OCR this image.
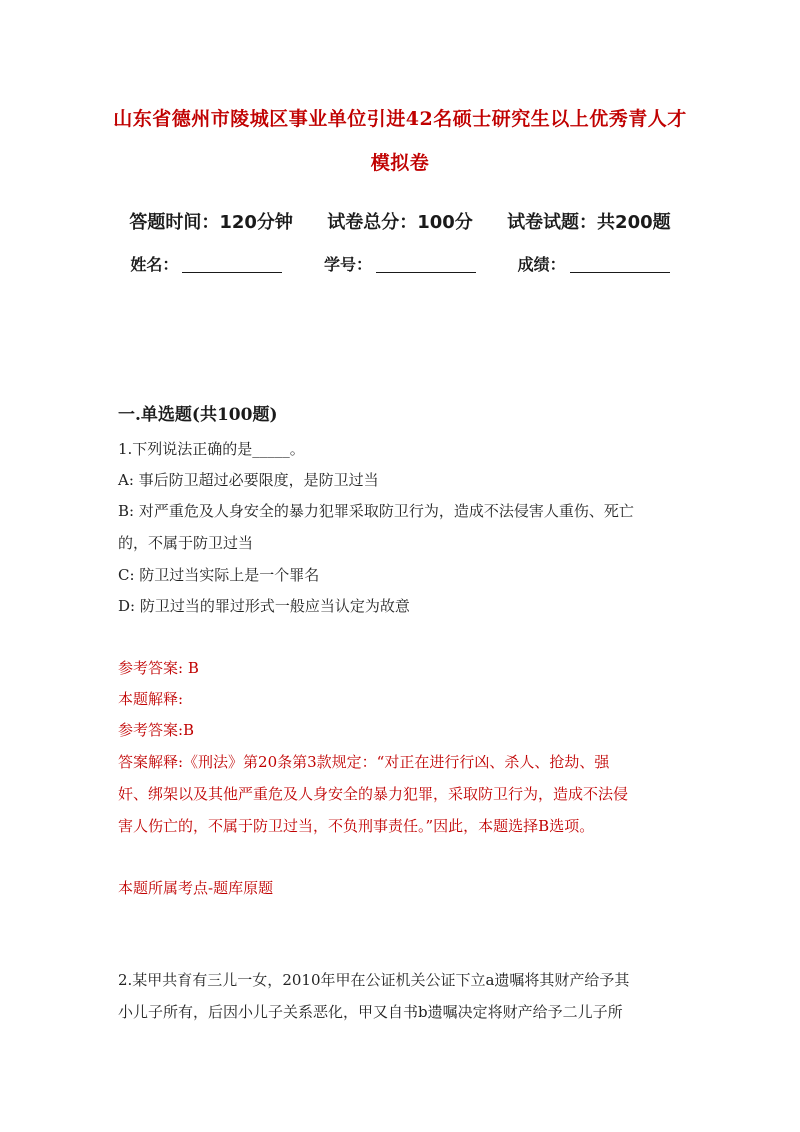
山东省德州市陵城区事业单位引进42名硕士研究生以上优秀青人才
模拟卷
答题时间：120分钟 试卷总分：100分 试卷试题：共200题
姓名：	学号：	成绩：
一.单选题(共100题)
1.下列说法正确的是_____。
A: 事后防卫超过必要限度，是防卫过当
B: 对严重危及人身安全的暴力犯罪采取防卫行为，造成不法侵害人重伤、死亡
的，不属于防卫过当
C: 防卫过当实际上是一个罪名
D: 防卫过当的罪过形式一般应当认定为故意
参考答案: B
本题解释:
参考答案:B
答案解释:《刑法》第20条第3款规定：“对正在进行行凶、杀人、抢劫、强
奸、绑架以及其他严重危及人身安全的暴力犯罪，采取防卫行为，造成不法侵
害人伤亡的，不属于防卫过当，不负刑事责任。”因此，本题选择B选项。
本题所属考点-题库原题
2.某甲共育有三儿一女，2010年甲在公证机关公证下立a遗嘱将其财产给予其
小儿子所有，后因小儿子关系恶化，甲又自书b遗嘱决定将财产给予二儿子所
